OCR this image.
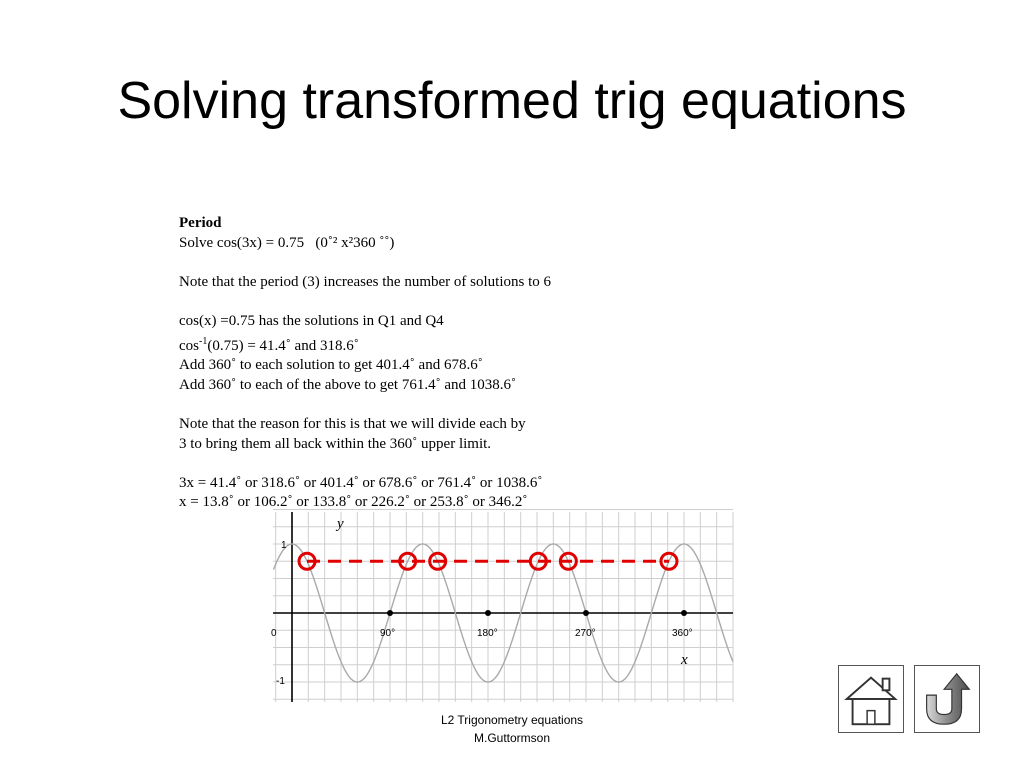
Solving transformed trig equations
Period
Solve cos(3x) = 0.75   (0˚² x²360 ˚˚)
Note that the period (3) increases the number of solutions to 6
cos(x) =0.75 has the solutions in Q1 and Q4
$\cos^{-1}(0.75)$ = 41.4˚ and 318.6˚
Add 360˚ to each solution to get 401.4˚ and 678.6˚
Add 360˚ to each of the above to get 761.4˚ and 1038.6˚
Note that the reason for this is that we will divide each by
3 to bring them all back within the 360˚ upper limit.
3x = 41.4˚ or 318.6˚ or 401.4˚ or 678.6˚ or 761.4˚ or 1038.6˚
x = 13.8˚ or 106.2˚ or 133.8˚ or 226.2˚ or 253.8˚ or 346.2˚
1
-1
0	90°	180°	270°	360°
y
x
L2 Trigonometry equations
M.Guttormson
